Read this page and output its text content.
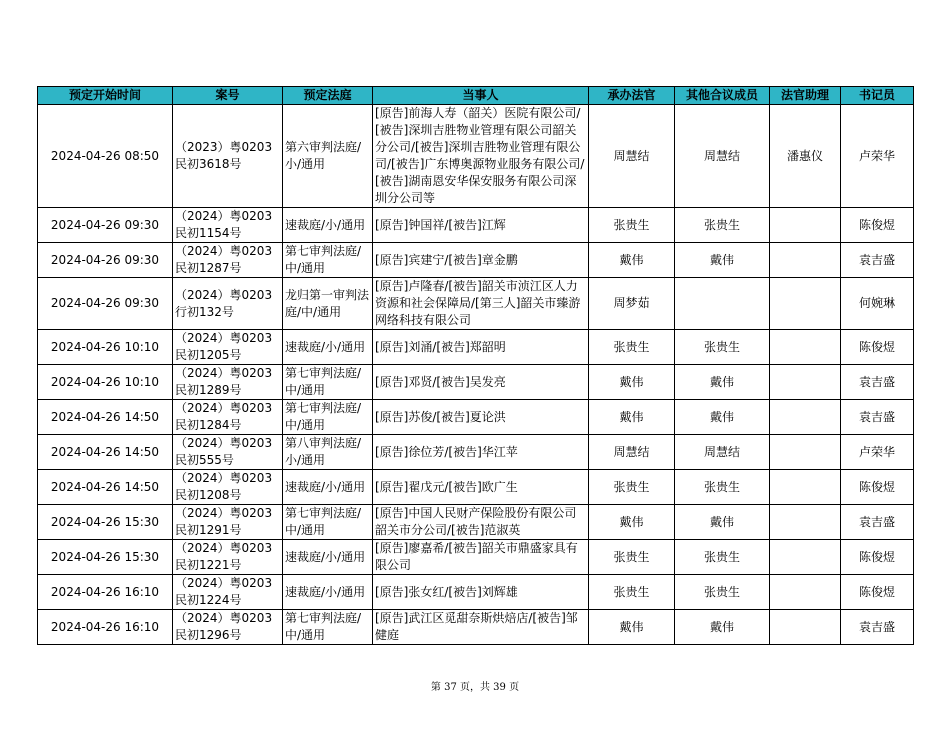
预定开始时间	案号	预定法庭	当事人	承办法官	其他合议成员	法官助理	书记员
2024-04-26 08:50	（2023）粤0203民初3618号	第六审判法庭/小/通用	[原告]前海人寿（韶关）医院有限公司/[被告]深圳吉胜物业管理有限公司韶关分公司/[被告]深圳吉胜物业管理有限公司/[被告]广东博奥源物业服务有限公司/[被告]湖南恩安华保安服务有限公司深圳分公司等	周慧结	周慧结	潘惠仪	卢荣华
2024-04-26 09:30	（2024）粤0203民初1154号	速裁庭/小/通用	[原告]钟国祥/[被告]江辉	张贵生	张贵生		陈俊煜
2024-04-26 09:30	（2024）粤0203民初1287号	第七审判法庭/中/通用	[原告]宾建宁/[被告]章金鹏	戴伟	戴伟		袁吉盛
2024-04-26 09:30	（2024）粤0203行初132号	龙归第一审判法庭/中/通用	[原告]卢隆春/[被告]韶关市浈江区人力资源和社会保障局/[第三人]韶关市臻游网络科技有限公司	周梦茹			何婉琳
2024-04-26 10:10	（2024）粤0203民初1205号	速裁庭/小/通用	[原告]刘涌/[被告]郑韶明	张贵生	张贵生		陈俊煜
2024-04-26 10:10	（2024）粤0203民初1289号	第七审判法庭/中/通用	[原告]邓贤/[被告]吴发亮	戴伟	戴伟		袁吉盛
2024-04-26 14:50	（2024）粤0203民初1284号	第七审判法庭/中/通用	[原告]苏俊/[被告]夏论洪	戴伟	戴伟		袁吉盛
2024-04-26 14:50	（2024）粤0203民初555号	第八审判法庭/小/通用	[原告]徐位芳/[被告]华江苹	周慧结	周慧结		卢荣华
2024-04-26 14:50	（2024）粤0203民初1208号	速裁庭/小/通用	[原告]翟戊元/[被告]欧广生	张贵生	张贵生		陈俊煜
2024-04-26 15:30	（2024）粤0203民初1291号	第七审判法庭/中/通用	[原告]中国人民财产保险股份有限公司韶关市分公司/[被告]范淑英	戴伟	戴伟		袁吉盛
2024-04-26 15:30	（2024）粤0203民初1221号	速裁庭/小/通用	[原告]廖嘉希/[被告]韶关市鼎盛家具有限公司	张贵生	张贵生		陈俊煜
2024-04-26 16:10	（2024）粤0203民初1224号	速裁庭/小/通用	[原告]张女红/[被告]刘辉雄	张贵生	张贵生		陈俊煜
2024-04-26 16:10	（2024）粤0203民初1296号	第七审判法庭/中/通用	[原告]武江区觅甜奈斯烘焙店/[被告]邹健庭	戴伟	戴伟		袁吉盛
第 37 页，共 39 页
